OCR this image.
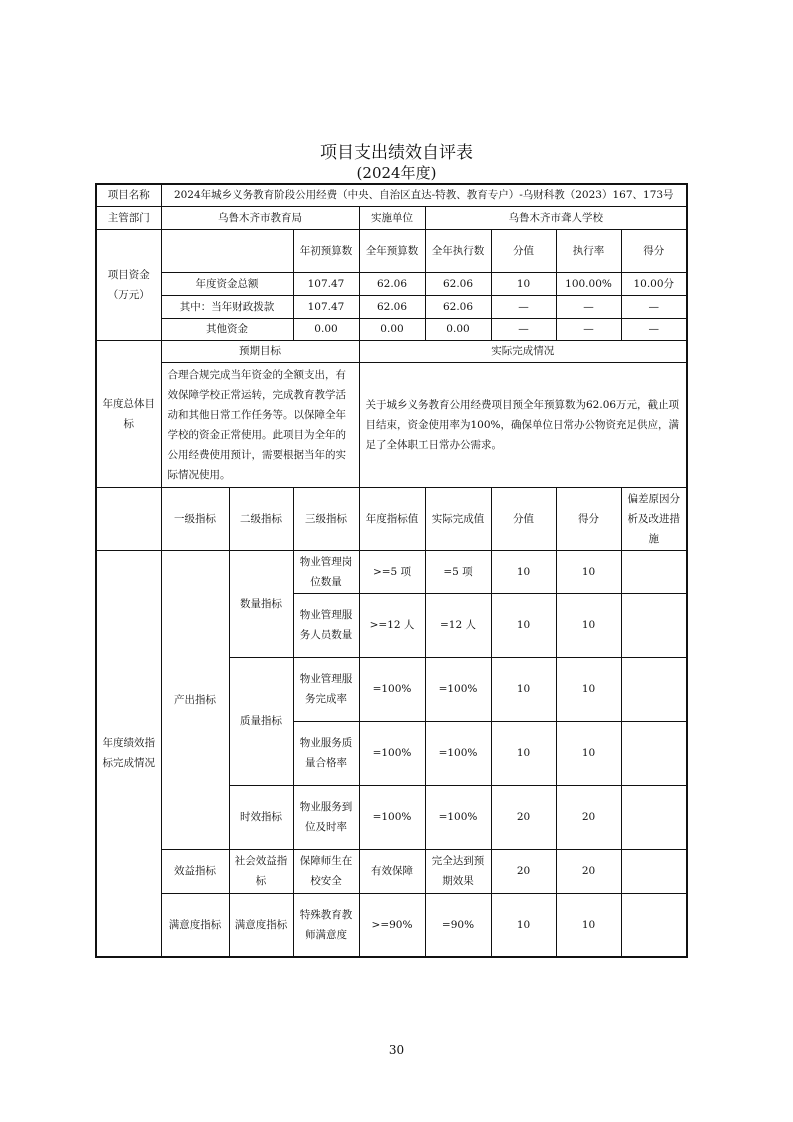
项目支出绩效自评表
(2024年度)
项目名称	2024年城乡义务教育阶段公用经费（中央、自治区直达-特教、教育专户）-乌财科教（2023）167、173号							
主管部门	乌鲁木齐市教育局			实施单位	乌鲁木齐市聋人学校			
项目资金（万元）			年初预算数	全年预算数	全年执行数	分值	执行率	得分
	年度资金总额		107.47	62.06	62.06	10	100.00%	10.00分
	其中：当年财政拨款		107.47	62.06	62.06	—	—	—
	其他资金		0.00	0.00	0.00	—	—	—
年度总体目标	预期目标			实际完成情况				
	合理合规完成当年资金的全额支出，有效保障学校正常运转，完成教育教学活动和其他日常工作任务等。以保障全年学校的资金正常使用。此项目为全年的公用经费使用预计，需要根据当年的实际情况使用。			关于城乡义务教育公用经费项目预全年预算数为62.06万元，截止项目结束，资金使用率为100%，确保单位日常办公物资充足供应，满足了全体职工日常办公需求。				
	一级指标	二级指标	三级指标	年度指标值	实际完成值	分值	得分	偏差原因分析及改进措施
年度绩效指标完成情况	产出指标	数量指标	物业管理岗位数量	>=5 项	=5 项	10	10	
			物业管理服务人员数量	>=12 人	=12 人	10	10	
		质量指标	物业管理服务完成率	=100%	=100%	10	10	
			物业服务质量合格率	=100%	=100%	10	10	
		时效指标	物业服务到位及时率	=100%	=100%	20	20	
	效益指标	社会效益指标	保障师生在校安全	有效保障	完全达到预期效果	20	20	
	满意度指标	满意度指标	特殊教育教师满意度	>=90%	=90%	10	10	
30
